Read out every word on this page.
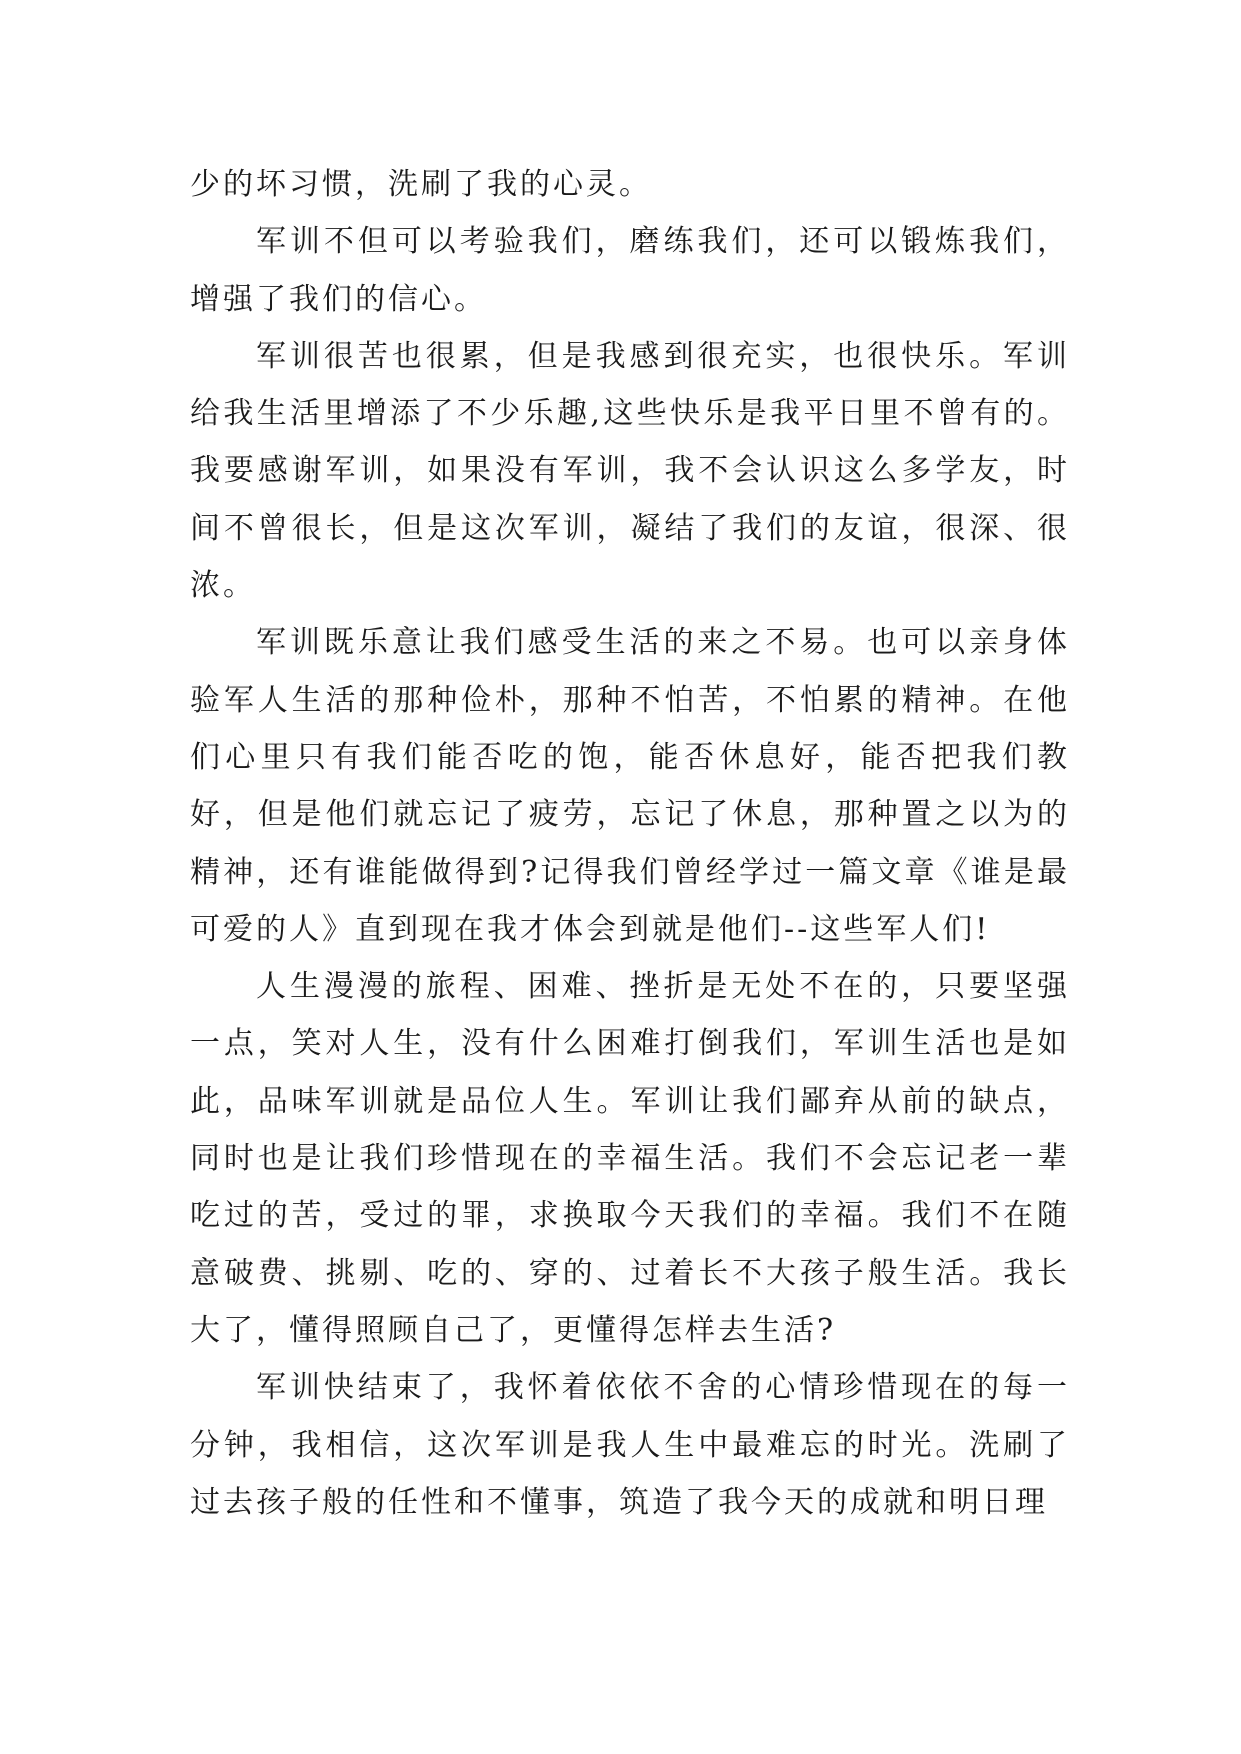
少的坏习惯，洗刷了我的心灵。

军训不但可以考验我们，磨练我们，还可以锻炼我们，增强了我们的信心。

军训很苦也很累，但是我感到很充实，也很快乐。军训给我生活里增添了不少乐趣,这些快乐是我平日里不曾有的。我要感谢军训，如果没有军训，我不会认识这么多学友，时间不曾很长，但是这次军训，凝结了我们的友谊，很深、很浓。

军训既乐意让我们感受生活的来之不易。也可以亲身体验军人生活的那种俭朴，那种不怕苦，不怕累的精神。在他们心里只有我们能否吃的饱，能否休息好，能否把我们教好，但是他们就忘记了疲劳，忘记了休息，那种置之以为的精神，还有谁能做得到?记得我们曾经学过一篇文章《谁是最可爱的人》直到现在我才体会到就是他们--这些军人们!

人生漫漫的旅程、困难、挫折是无处不在的，只要坚强一点，笑对人生，没有什么困难打倒我们，军训生活也是如此，品味军训就是品位人生。军训让我们鄙弃从前的缺点，同时也是让我们珍惜现在的幸福生活。我们不会忘记老一辈吃过的苦，受过的罪，求换取今天我们的幸福。我们不在随意破费、挑剔、吃的、穿的、过着长不大孩子般生活。我长大了，懂得照顾自己了，更懂得怎样去生活?

军训快结束了，我怀着依依不舍的心情珍惜现在的每一分钟，我相信，这次军训是我人生中最难忘的时光。洗刷了过去孩子般的任性和不懂事，筑造了我今天的成就和明日理
